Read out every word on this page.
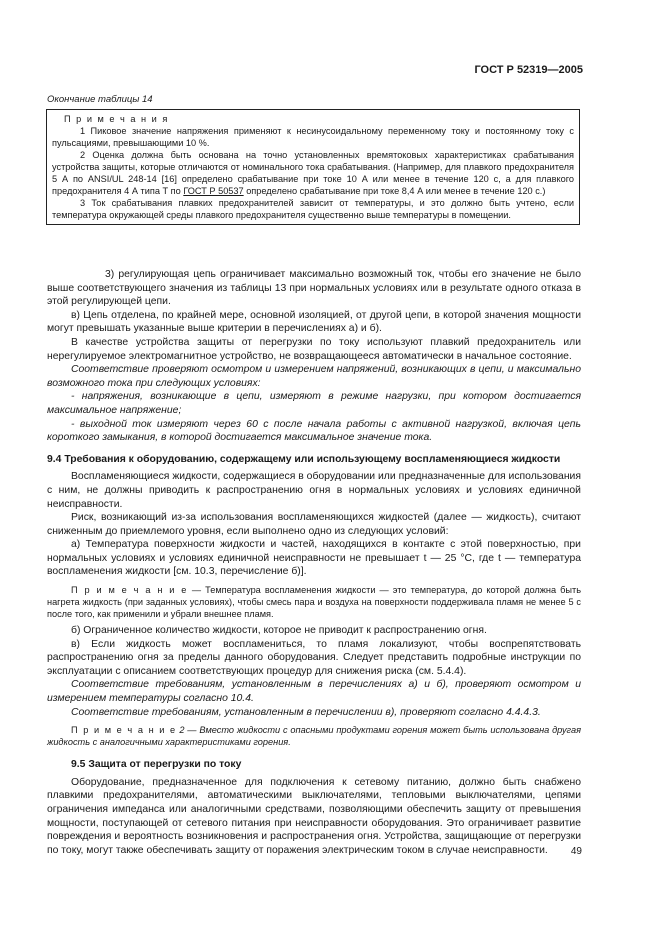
ГОСТ Р 52319—2005
Окончание таблицы 14

П р и м е ч а н и я

1 Пиковое значение напряжения применяют к несинусоидальному переменному току и постоянному току с пульсациями, превышающими 10 %.

2 Оценка должна быть основана на точно установленных времятоковых характеристиках срабатывания устройства защиты, которые отличаются от номинального тока срабатывания. (Например, для плавкого предохранителя 5 А по ANSI/UL 248-14 [16] определено срабатывание при токе 10 А или менее в течение 120 с, а для плавкого предохранителя 4 А типа Т по ГОСТ Р 50537 определено срабатывание при токе 8,4 А или менее в течение 120 с.)

3 Ток срабатывания плавких предохранителей зависит от температуры, и это должно быть учтено, если температура окружающей среды плавкого предохранителя существенно выше температуры в помещении.

3) регулирующая цепь ограничивает максимально возможный ток, чтобы его значение не было выше соответствующего значения из таблицы 13 при нормальных условиях или в результате одного отказа в этой регулирующей цепи.

в) Цепь отделена, по крайней мере, основной изоляцией, от другой цепи, в которой значения мощности могут превышать указанные выше критерии в перечислениях а) и б).

В качестве устройства защиты от перегрузки по току используют плавкий предохранитель или нерегулируемое электромагнитное устройство, не возвращающееся автоматически в начальное состояние.

Соответствие проверяют осмотром и измерением напряжений, возникающих в цепи, и максимально возможного тока при следующих условиях:

- напряжения, возникающие в цепи, измеряют в режиме нагрузки, при котором достигается максимальное напряжение;

- выходной ток измеряют через 60 с после начала работы с активной нагрузкой, включая цепь короткого замыкания, в которой достигается максимальное значение тока.

9.4 Требования к оборудованию, содержащему или использующему воспламеняющиеся жидкости

Воспламеняющиеся жидкости, содержащиеся в оборудовании или предназначенные для использования с ним, не должны приводить к распространению огня в нормальных условиях и условиях единичной неисправности.

Риск, возникающий из-за использования воспламеняющихся жидкостей (далее — жидкость), считают сниженным до приемлемого уровня, если выполнено одно из следующих условий:

а) Температура поверхности жидкости и частей, находящихся в контакте с этой поверхностью, при нормальных условиях и условиях единичной неисправности не превышает t — 25 °С, где t — температура воспламенения жидкости [см. 10.3, перечисление б)].

П р и м е ч а н и е — Температура воспламенения жидкости — это температура, до которой должна быть нагрета жидкость (при заданных условиях), чтобы смесь пара и воздуха на поверхности поддерживала пламя не менее 5 с после того, как применили и убрали внешнее пламя.

б) Ограниченное количество жидкости, которое не приводит к распространению огня.

в) Если жидкость может воспламениться, то пламя локализуют, чтобы воспрепятствовать распространению огня за пределы данного оборудования. Следует представить подробные инструкции по эксплуатации с описанием соответствующих процедур для снижения риска (см. 5.4.4).

Соответствие требованиям, установленным в перечислениях а) и б), проверяют осмотром и измерением температуры согласно 10.4.

Соответствие требованиям, установленным в перечислении в), проверяют согласно 4.4.4.3.

П р и м е ч а н и е 2 — Вместо жидкости с опасными продуктами горения может быть использована другая жидкость с аналогичными характеристиками горения.

9.5 Защита от перегрузки по току

Оборудование, предназначенное для подключения к сетевому питанию, должно быть снабжено плавкими предохранителями, автоматическими выключателями, тепловыми выключателями, цепями ограничения импеданса или аналогичными средствами, позволяющими обеспечить защиту от превышения мощности, поступающей от сетевого питания при неисправности оборудования. Это ограничивает развитие повреждения и вероятность возникновения и распространения огня. Устройства, защищающие от перегрузки по току, могут также обеспечивать защиту от поражения электрическим током в случае неисправности.	49
